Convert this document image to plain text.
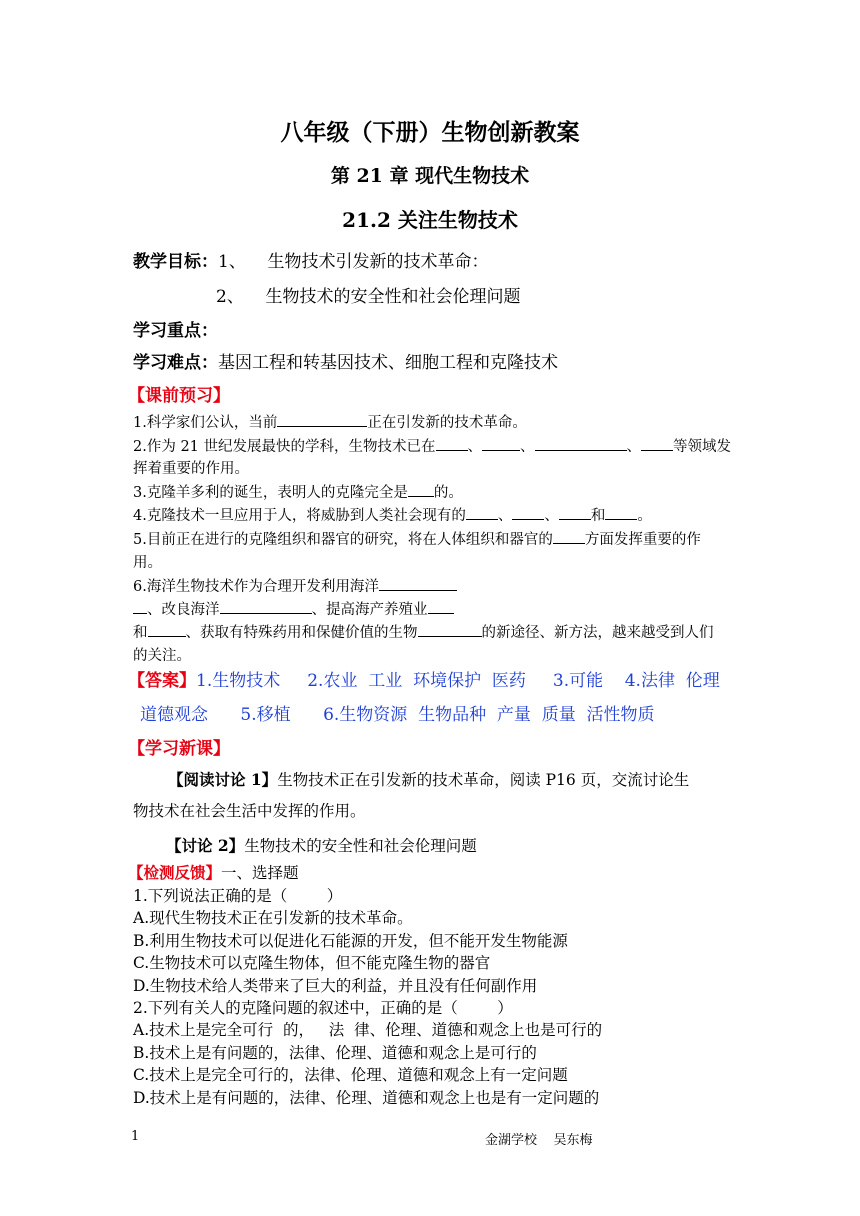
八年级（下册）生物创新教案
第 21 章 现代生物技术
21.2 关注生物技术
教学目标：1、 生物技术引发新的技术革命：
2、 生物技术的安全性和社会伦理问题
学习重点：
学习难点：基因工程和转基因技术、细胞工程和克隆技术
【课前预习】
1.科学家们公认，当前	正在引发新的技术革命。
2.作为 21 世纪发展最快的学科，生物技术已在 、	、	、 等领域发
挥着重要的作用。
3.克隆羊多利的诞生，表明人的克隆完全是 的。
4.克隆技术一旦应用于人，将威胁到人类社会现有的 、 、 和 。
5.目前正在进行的克隆组织和器官的研究，将在人体组织和器官的 方面发挥重要的作
用。
6.海洋生物技术作为合理开发利用海洋
、改良海洋	、提高海产养殖业
和	、获取有特殊药用和保健价值的生物	的新途径、新方法，越来越受到人们
的关注。
【答案】1.生物技术     2.农业  工业  环境保护  医药     3.可能    4.法律  伦理
道德观念      5.移植      6.生物资源  生物品种  产量  质量  活性物质
【学习新课】
【阅读讨论 1】生物技术正在引发新的技术革命，阅读 P16 页，交流讨论生
物技术在社会生活中发挥的作用。
【讨论 2】生物技术的安全性和社会伦理问题
【检测反馈】一、选择题
1.下列说法正确的是（        ）
A.现代生物技术正在引发新的技术革命。
B.利用生物技术可以促进化石能源的开发，但不能开发生物能源
C.生物技术可以克隆生物体，但不能克隆生物的器官
D.生物技术给人类带来了巨大的利益，并且没有任何副作用
2.下列有关人的克隆问题的叙述中，正确的是（        ）
A.技术上是完全可行  的，   法  律、伦理、道德和观念上也是可行的
B.技术上是有问题的，法律、伦理、道德和观念上是可行的
C.技术上是完全可行的，法律、伦理、道德和观念上有一定问题
D.技术上是有问题的，法律、伦理、道德和观念上也是有一定问题的
1	金湖学校    吴东梅
